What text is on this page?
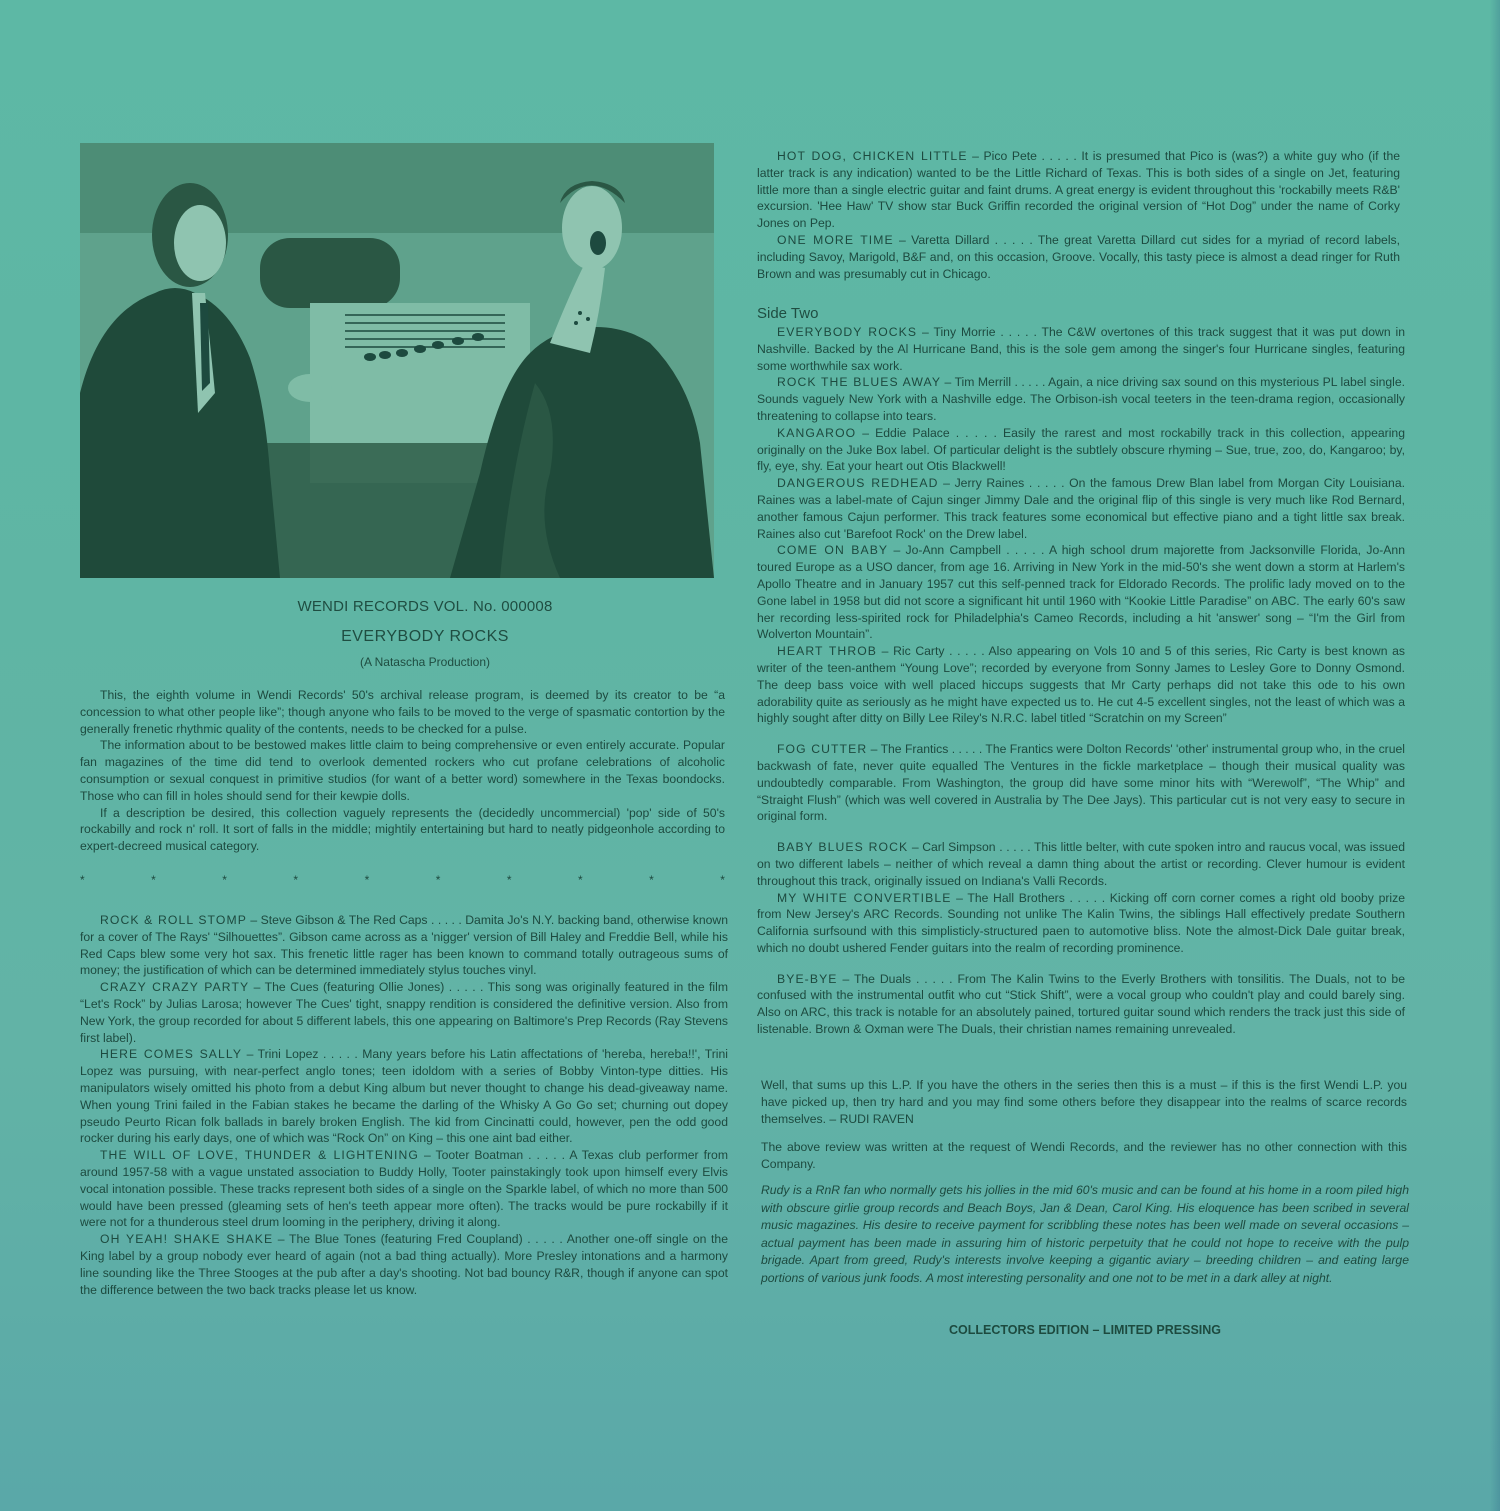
WENDI RECORDS VOL. No. 000008
EVERYBODY ROCKS
(A Natascha Production)

This, the eighth volume in Wendi Records' 50's archival release program, is deemed by its creator to be “a concession to what other people like”; though anyone who fails to be moved to the verge of spasmatic contortion by the generally frenetic rhythmic quality of the contents, needs to be checked for a pulse.

The information about to be bestowed makes little claim to being comprehensive or even entirely accurate. Popular fan magazines of the time did tend to overlook demented rockers who cut profane celebrations of alcoholic consumption or sexual conquest in primitive studios (for want of a better word) somewhere in the Texas boondocks. Those who can fill in holes should send for their kewpie dolls.

If a description be desired, this collection vaguely represents the (decidedly uncommercial) 'pop' side of 50's rockabilly and rock n' roll. It sort of falls in the middle; mightily entertaining but hard to neatly pidgeonhole according to expert-decreed musical category.

*	*	*	*	*	*	*	*	*	*

ROCK & ROLL STOMP – Steve Gibson & The Red Caps . . . . . Damita Jo's N.Y. backing band, otherwise known for a cover of The Rays' “Silhouettes”. Gibson came across as a 'nigger' version of Bill Haley and Freddie Bell, while his Red Caps blew some very hot sax. This frenetic little rager has been known to command totally outrageous sums of money; the justification of which can be determined immediately stylus touches vinyl.

CRAZY CRAZY PARTY – The Cues (featuring Ollie Jones) . . . . . This song was originally featured in the film “Let's Rock” by Julias Larosa; however The Cues' tight, snappy rendition is considered the definitive version. Also from New York, the group recorded for about 5 different labels, this one appearing on Baltimore's Prep Records (Ray Stevens first label).

HERE COMES SALLY – Trini Lopez . . . . . Many years before his Latin affectations of 'hereba, hereba!!', Trini Lopez was pursuing, with near-perfect anglo tones; teen idoldom with a series of Bobby Vinton-type ditties. His manipulators wisely omitted his photo from a debut King album but never thought to change his dead-giveaway name. When young Trini failed in the Fabian stakes he became the darling of the Whisky A Go Go set; churning out dopey pseudo Peurto Rican folk ballads in barely broken English. The kid from Cincinatti could, however, pen the odd good rocker during his early days, one of which was “Rock On” on King – this one aint bad either.

THE WILL OF LOVE, THUNDER & LIGHTENING – Tooter Boatman . . . . . A Texas club performer from around 1957-58 with a vague unstated association to Buddy Holly, Tooter painstakingly took upon himself every Elvis vocal intonation possible. These tracks represent both sides of a single on the Sparkle label, of which no more than 500 would have been pressed (gleaming sets of hen's teeth appear more often). The tracks would be pure rockabilly if it were not for a thunderous steel drum looming in the periphery, driving it along.

OH YEAH! SHAKE SHAKE – The Blue Tones (featuring Fred Coupland) . . . . . Another one-off single on the King label by a group nobody ever heard of again (not a bad thing actually). More Presley intonations and a harmony line sounding like the Three Stooges at the pub after a day's shooting. Not bad bouncy R&R, though if anyone can spot the difference between the two back tracks please let us know.

HOT DOG, CHICKEN LITTLE – Pico Pete . . . . . It is presumed that Pico is (was?) a white guy who (if the latter track is any indication) wanted to be the Little Richard of Texas. This is both sides of a single on Jet, featuring little more than a single electric guitar and faint drums. A great energy is evident throughout this 'rockabilly meets R&B' excursion. 'Hee Haw' TV show star Buck Griffin recorded the original version of “Hot Dog” under the name of Corky Jones on Pep.

ONE MORE TIME – Varetta Dillard . . . . . The great Varetta Dillard cut sides for a myriad of record labels, including Savoy, Marigold, B&F and, on this occasion, Groove. Vocally, this tasty piece is almost a dead ringer for Ruth Brown and was presumably cut in Chicago.

Side Two

EVERYBODY ROCKS – Tiny Morrie . . . . . The C&W overtones of this track suggest that it was put down in Nashville. Backed by the Al Hurricane Band, this is the sole gem among the singer's four Hurricane singles, featuring some worthwhile sax work.

ROCK THE BLUES AWAY – Tim Merrill . . . . . Again, a nice driving sax sound on this mysterious PL label single. Sounds vaguely New York with a Nashville edge. The Orbison-ish vocal teeters in the teen-drama region, occasionally threatening to collapse into tears.

KANGAROO – Eddie Palace . . . . . Easily the rarest and most rockabilly track in this collection, appearing originally on the Juke Box label. Of particular delight is the subtlely obscure rhyming – Sue, true, zoo, do, Kangaroo; by, fly, eye, shy. Eat your heart out Otis Blackwell!

DANGEROUS REDHEAD – Jerry Raines . . . . . On the famous Drew Blan label from Morgan City Louisiana. Raines was a label-mate of Cajun singer Jimmy Dale and the original flip of this single is very much like Rod Bernard, another famous Cajun performer. This track features some economical but effective piano and a tight little sax break. Raines also cut 'Barefoot Rock' on the Drew label.

COME ON BABY – Jo-Ann Campbell . . . . . A high school drum majorette from Jacksonville Florida, Jo-Ann toured Europe as a USO dancer, from age 16. Arriving in New York in the mid-50's she went down a storm at Harlem's Apollo Theatre and in January 1957 cut this self-penned track for Eldorado Records. The prolific lady moved on to the Gone label in 1958 but did not score a significant hit until 1960 with “Kookie Little Paradise” on ABC. The early 60's saw her recording less-spirited rock for Philadelphia's Cameo Records, including a hit 'answer' song – “I'm the Girl from Wolverton Mountain”.

HEART THROB – Ric Carty . . . . . Also appearing on Vols 10 and 5 of this series, Ric Carty is best known as writer of the teen-anthem “Young Love”; recorded by everyone from Sonny James to Lesley Gore to Donny Osmond. The deep bass voice with well placed hiccups suggests that Mr Carty perhaps did not take this ode to his own adorability quite as seriously as he might have expected us to. He cut 4-5 excellent singles, not the least of which was a highly sought after ditty on Billy Lee Riley's N.R.C. label titled “Scratchin on my Screen”

FOG CUTTER – The Frantics . . . . . The Frantics were Dolton Records' 'other' instrumental group who, in the cruel backwash of fate, never quite equalled The Ventures in the fickle marketplace – though their musical quality was undoubtedly comparable. From Washington, the group did have some minor hits with “Werewolf”, “The Whip” and “Straight Flush” (which was well covered in Australia by The Dee Jays). This particular cut is not very easy to secure in original form.

BABY BLUES ROCK – Carl Simpson . . . . . This little belter, with cute spoken intro and raucus vocal, was issued on two different labels – neither of which reveal a damn thing about the artist or recording. Clever humour is evident throughout this track, originally issued on Indiana's Valli Records.

MY WHITE CONVERTIBLE – The Hall Brothers . . . . . Kicking off corn corner comes a right old booby prize from New Jersey's ARC Records. Sounding not unlike The Kalin Twins, the siblings Hall effectively predate Southern California surfsound with this simplisticly-structured paen to automotive bliss. Note the almost-Dick Dale guitar break, which no doubt ushered Fender guitars into the realm of recording prominence.

BYE-BYE – The Duals . . . . . From The Kalin Twins to the Everly Brothers with tonsilitis. The Duals, not to be confused with the instrumental outfit who cut “Stick Shift”, were a vocal group who couldn't play and could barely sing. Also on ARC, this track is notable for an absolutely pained, tortured guitar sound which renders the track just this side of listenable. Brown & Oxman were The Duals, their christian names remaining unrevealed.

Well, that sums up this L.P. If you have the others in the series then this is a must – if this is the first Wendi L.P. you have picked up, then try hard and you may find some others before they disappear into the realms of scarce records themselves. – RUDI RAVEN

The above review was written at the request of Wendi Records, and the reviewer has no other connection with this Company.

Rudy is a RnR fan who normally gets his jollies in the mid 60's music and can be found at his home in a room piled high with obscure girlie group records and Beach Boys, Jan & Dean, Carol King. His eloquence has been scribed in several music magazines. His desire to receive payment for scribbling these notes has been well made on several occasions – actual payment has been made in assuring him of historic perpetuity that he could not hope to receive with the pulp brigade. Apart from greed, Rudy's interests involve keeping a gigantic aviary – breeding children – and eating large portions of various junk foods. A most interesting personality and one not to be met in a dark alley at night.
COLLECTORS EDITION – LIMITED PRESSING
